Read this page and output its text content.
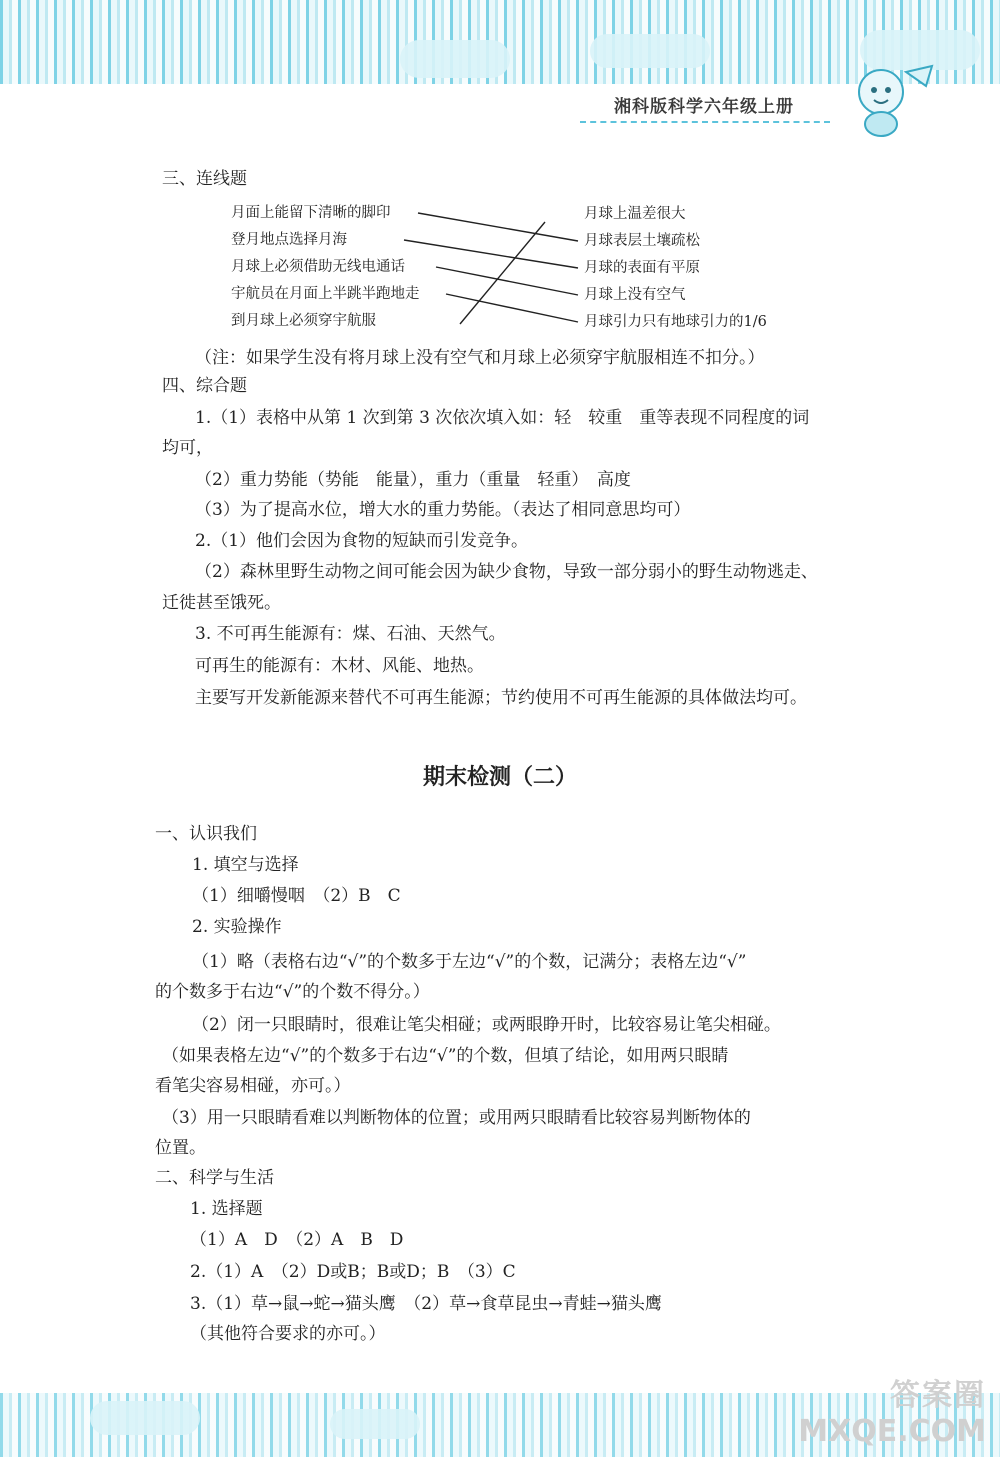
湘科版科学六年级上册
三、连线题
月面上能留下清晰的脚印
登月地点选择月海
月球上必须借助无线电通话
宇航员在月面上半跳半跑地走
到月球上必须穿宇航服
月球上温差很大
月球表层土壤疏松
月球的表面有平原
月球上没有空气
月球引力只有地球引力的1/6
（注：如果学生没有将月球上没有空气和月球上必须穿宇航服相连不扣分。）
四、综合题
1.（1）表格中从第 1 次到第 3 次依次填入如：轻　较重　重等表现不同程度的词
均可，
（2）重力势能（势能　能量），重力（重量　轻重）　高度
（3）为了提高水位，增大水的重力势能。（表达了相同意思均可）
2.（1）他们会因为食物的短缺而引发竞争。
（2）森林里野生动物之间可能会因为缺少食物，导致一部分弱小的野生动物逃走、
迁徙甚至饿死。
3. 不可再生能源有：煤、石油、天然气。
可再生的能源有：木材、风能、地热。
主要写开发新能源来替代不可再生能源；节约使用不可再生能源的具体做法均可。
期末检测（二）
一、认识我们
1. 填空与选择
（1）细嚼慢咽　（2）B　C
2. 实验操作
（1）略（表格右边“√”的个数多于左边“√”的个数，记满分；表格左边“√”
的个数多于右边“√”的个数不得分。）
（2）闭一只眼睛时，很难让笔尖相碰；或两眼睁开时，比较容易让笔尖相碰。
（如果表格左边“√”的个数多于右边“√”的个数，但填了结论，如用两只眼睛
看笔尖容易相碰，亦可。）
（3）用一只眼睛看难以判断物体的位置；或用两只眼睛看比较容易判断物体的
位置。
二、科学与生活
1. 选择题
（1）A　D　（2）A　B　D
2.（1）A　（2）D或B；B或D；B　（3）C
3.（1）草→鼠→蛇→猫头鹰　（2）草→食草昆虫→青蛙→猫头鹰
（其他符合要求的亦可。）
答案圈
MXQE.COM
